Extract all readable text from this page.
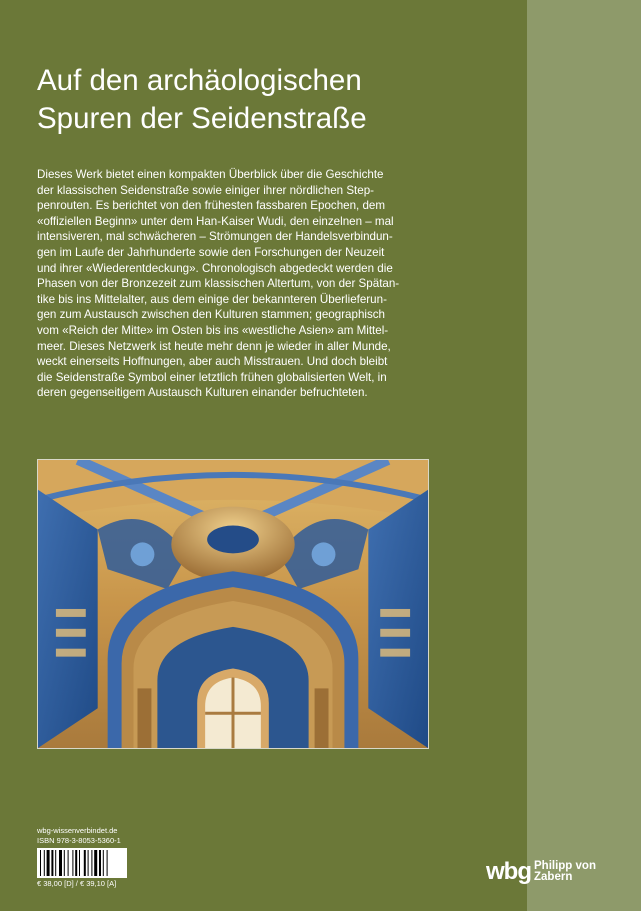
Auf den archäologischen
Spuren der Seidenstraße

Dieses Werk bietet einen kompakten Überblick über die Geschichte
der klassischen Seidenstraße sowie einiger ihrer nördlichen Step-
penrouten. Es berichtet von den frühesten fassbaren Epochen, dem
«offiziellen Beginn» unter dem Han-Kaiser Wudi, den einzelnen – mal
intensiveren, mal schwächeren – Strömungen der Handelsverbindun-
gen im Laufe der Jahrhunderte sowie den Forschungen der Neuzeit
und ihrer «Wiederentdeckung». Chronologisch abgedeckt werden die
Phasen von der Bronzezeit zum klassischen Altertum, von der Spätan-
tike bis ins Mittelalter, aus dem einige der bekannteren Überlieferun-
gen zum Austausch zwischen den Kulturen stammen; geographisch
vom «Reich der Mitte» im Osten bis ins «westliche Asien» am Mittel-
meer. Dieses Netzwerk ist heute mehr denn je wieder in aller Munde,
weckt einerseits Hoffnungen, aber auch Misstrauen. Und doch bleibt
die Seidenstraße Symbol einer letztlich frühen globalisierten Welt, in
deren gegenseitigem Austausch Kulturen einander befruchteten.

wbg-wissenverbindet.de
ISBN 978-3-8053-5360-1
€ 38,00 [D] / € 39,10 [A]	wbg Philipp von
Zabern
